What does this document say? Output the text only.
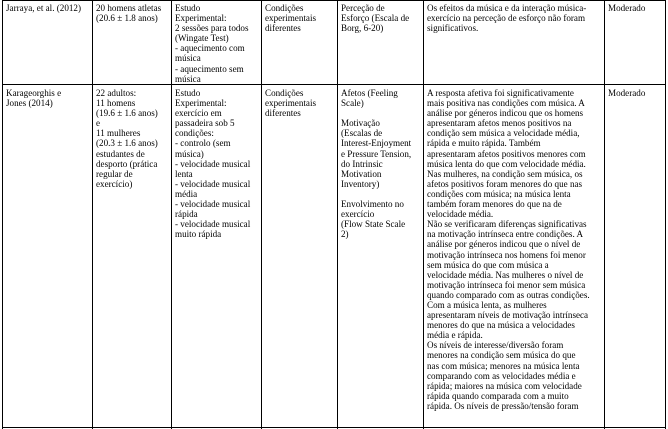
Jarraya, et al. (2012)	20 homens atletas
(20.6 ± 1.8 anos)
Estudo
Experimental:
2 sessões para todos
(Wingate Test)
- aquecimento com
música
- aquecimento sem
música
Condições
experimentais
diferentes
Perceção de
Esforço (Escala de
Borg, 6-20)
Os efeitos da música e da interação música-
exercício na perceção de esforço não foram
significativos.
Moderado
Karageorghis e
Jones (2014)
22 adultos:
11 homens
(19.6 ± 1.6 anos)
e
11 mulheres
(20.3 ± 1.6 anos)
estudantes de
desporto (prática
regular de
exercício)
Estudo
Experimental:
exercício em
passadeira sob 5
condições:
- controlo (sem
música)
- velocidade musical
lenta
- velocidade musical
média
- velocidade musical
rápida
- velocidade musical
muito rápida
Condições
experimentais
diferentes
Afetos (Feeling
Scale)

Motivação
(Escalas de
Interest-Enjoyment
e Pressure Tension,
do Intrinsic
Motivation
Inventory)

Envolvimento no
exercício
(Flow State Scale
2)
A resposta afetiva foi significativamente
mais positiva nas condições com música. A
análise por géneros indicou que os homens
apresentaram afetos menos positivos na
condição sem música a velocidade média,
rápida e muito rápida. Também
apresentaram afetos positivos menores com
música lenta do que com velocidade média.
Nas mulheres, na condição sem música, os
afetos positivos foram menores do que nas
condições com música; na música lenta
também foram menores do que na de
velocidade média.
Não se verificaram diferenças significativas
na motivação intrínseca entre condições. A
análise por géneros indicou que o nível de
motivação intrínseca nos homens foi menor
sem música do que com música a
velocidade média. Nas mulheres o nível de
motivação intrínseca foi menor sem música
quando comparado com as outras condições.
Com a música lenta, as mulheres
apresentaram níveis de motivação intrínseca
menores do que na música a velocidades
média e rápida.
Os níveis de interesse/diversão foram
menores na condição sem música do que
nas com música; menores na música lenta
comparando com as velocidades média e
rápida; maiores na música com velocidade
rápida quando comparada com a muito
rápida. Os níveis de pressão/tensão foram
Moderado
